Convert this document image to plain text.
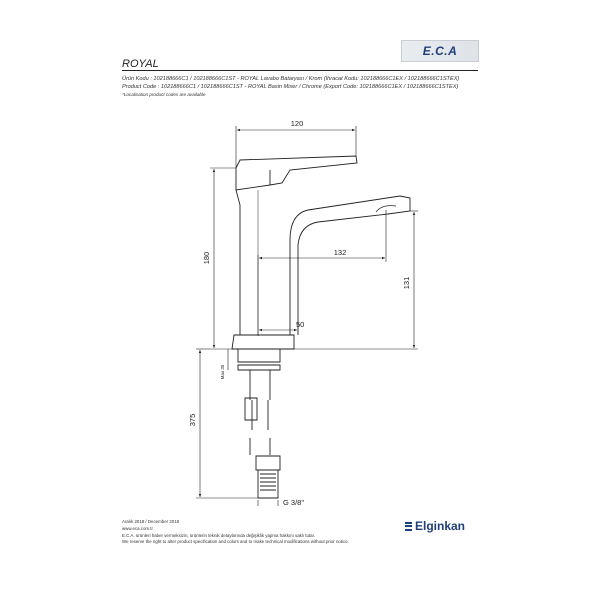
ROYAL
E.C.A
Ürün Kodu : 102188666C1 / 102188666C1ST - ROYAL Lavabo Bataryası / Krom (İhracat Kodu: 102188666C1EX / 102188666C1STEX)
Product Code : 102188666C1 / 102188666C1ST - ROYAL Basin Mixer / Chrome (Export Code: 102188666C1EX / 102188666C1STEX)
*Localisation product codes are available
120
180	132
131
50
Max 35
375
G 3/8"
Aralık 2018 / December 2018
www.eca.com.tr
E.C.A. ürünleri haber vermeksizin, ürünlerin teknik detaylarında değişiklik yapma hakkını saklı tutar.
We reserve the right to alter product specification and colors and to make technical modifications without prior notice.
Elginkan
